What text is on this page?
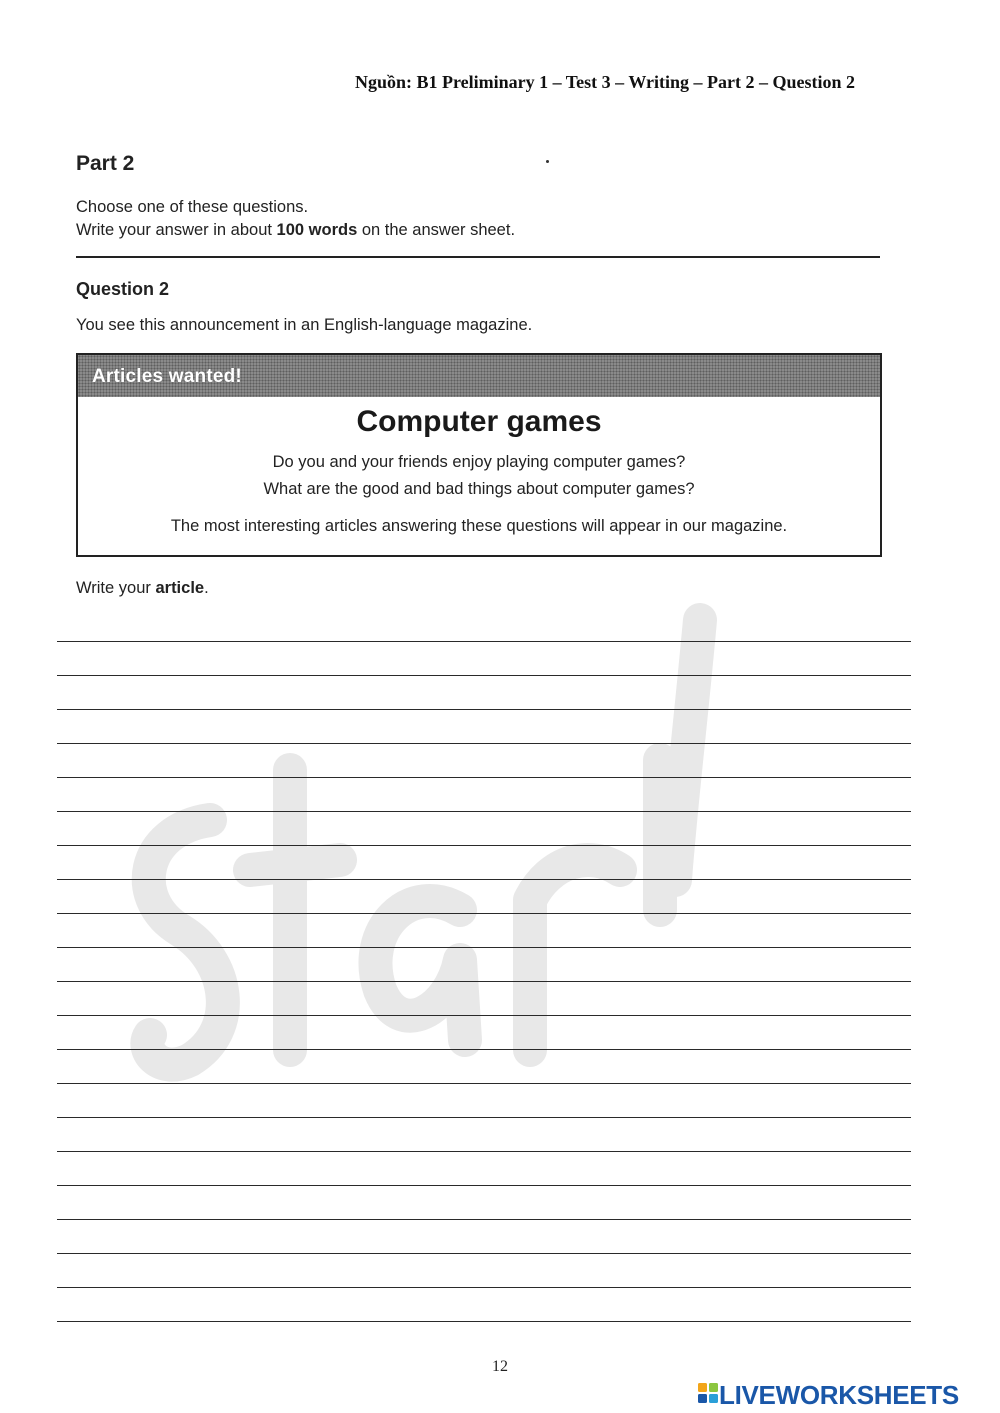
Nguồn: B1 Preliminary 1 – Test 3 – Writing – Part 2 – Question 2
Part 2
Choose one of these questions.
Write your answer in about 100 words on the answer sheet.
Question 2
You see this announcement in an English-language magazine.
Articles wanted!
Computer games
Do you and your friends enjoy playing computer games?
What are the good and bad things about computer games?
The most interesting articles answering these questions will appear in our magazine.
Write your article.
12
LIVEWORKSHEETS
